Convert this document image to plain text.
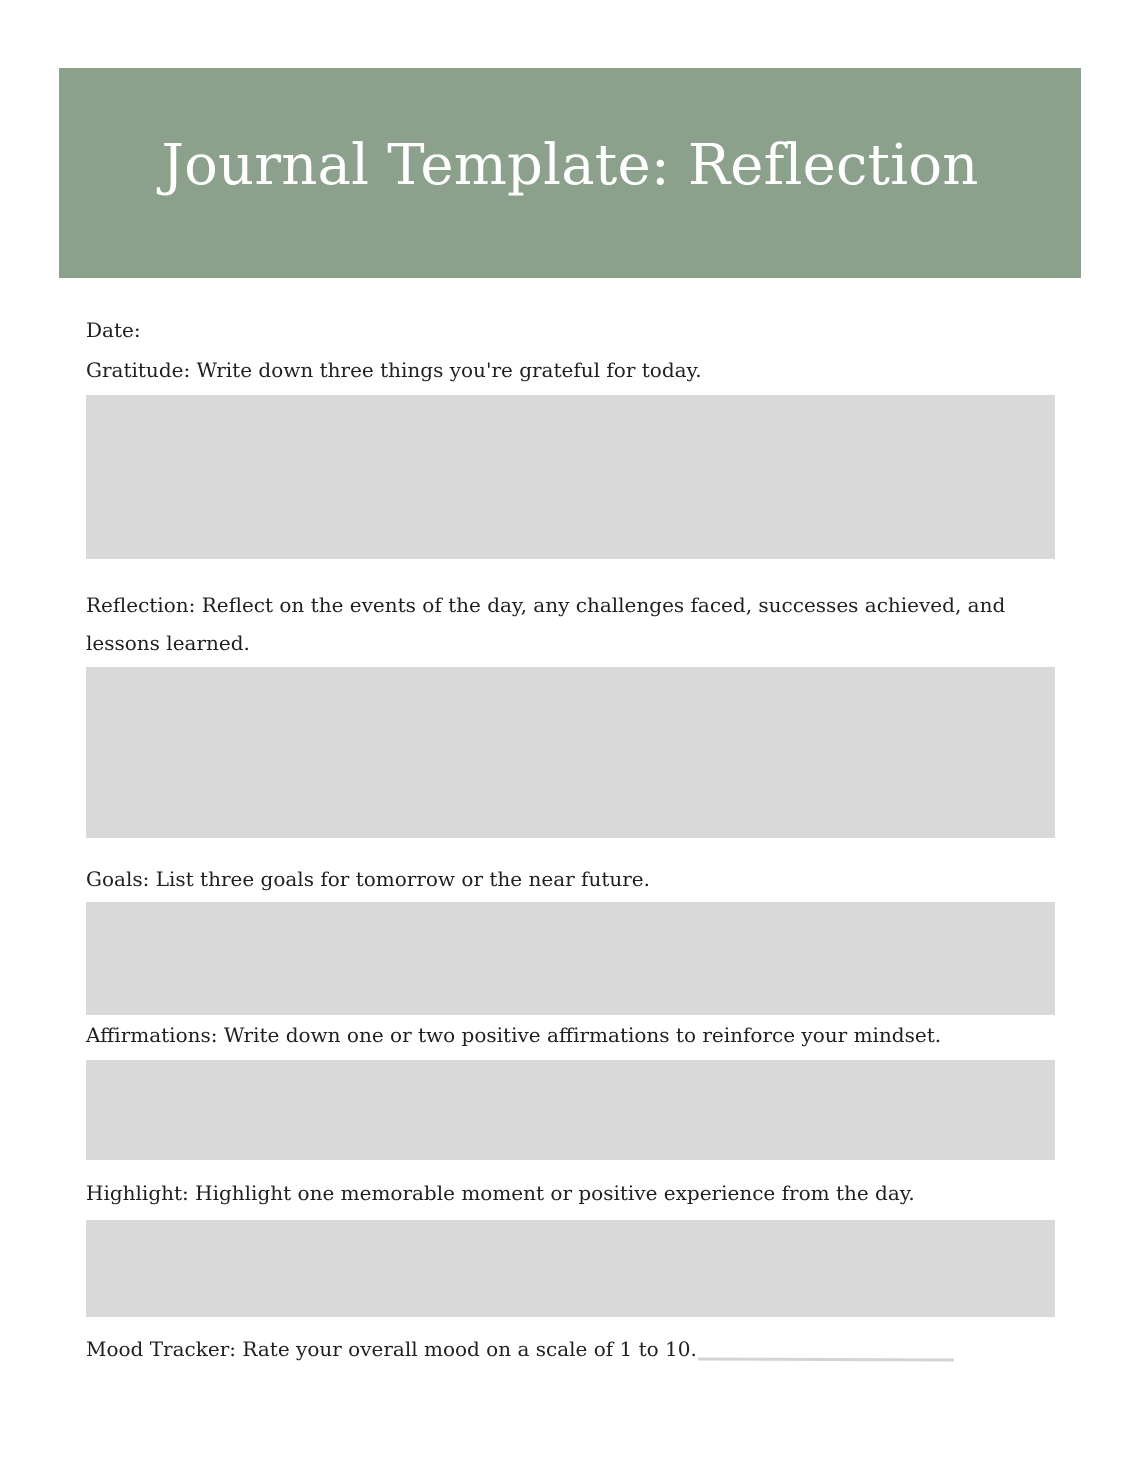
Journal Template: Reflection

Date:

Gratitude: Write down three things you're grateful for today.

Reflection: Reflect on the events of the day, any challenges faced, successes achieved, and lessons learned.

Goals: List three goals for tomorrow or the near future.

Affirmations: Write down one or two positive affirmations to reinforce your mindset.

Highlight: Highlight one memorable moment or positive experience from the day.

Mood Tracker: Rate your overall mood on a scale of 1 to 10.
